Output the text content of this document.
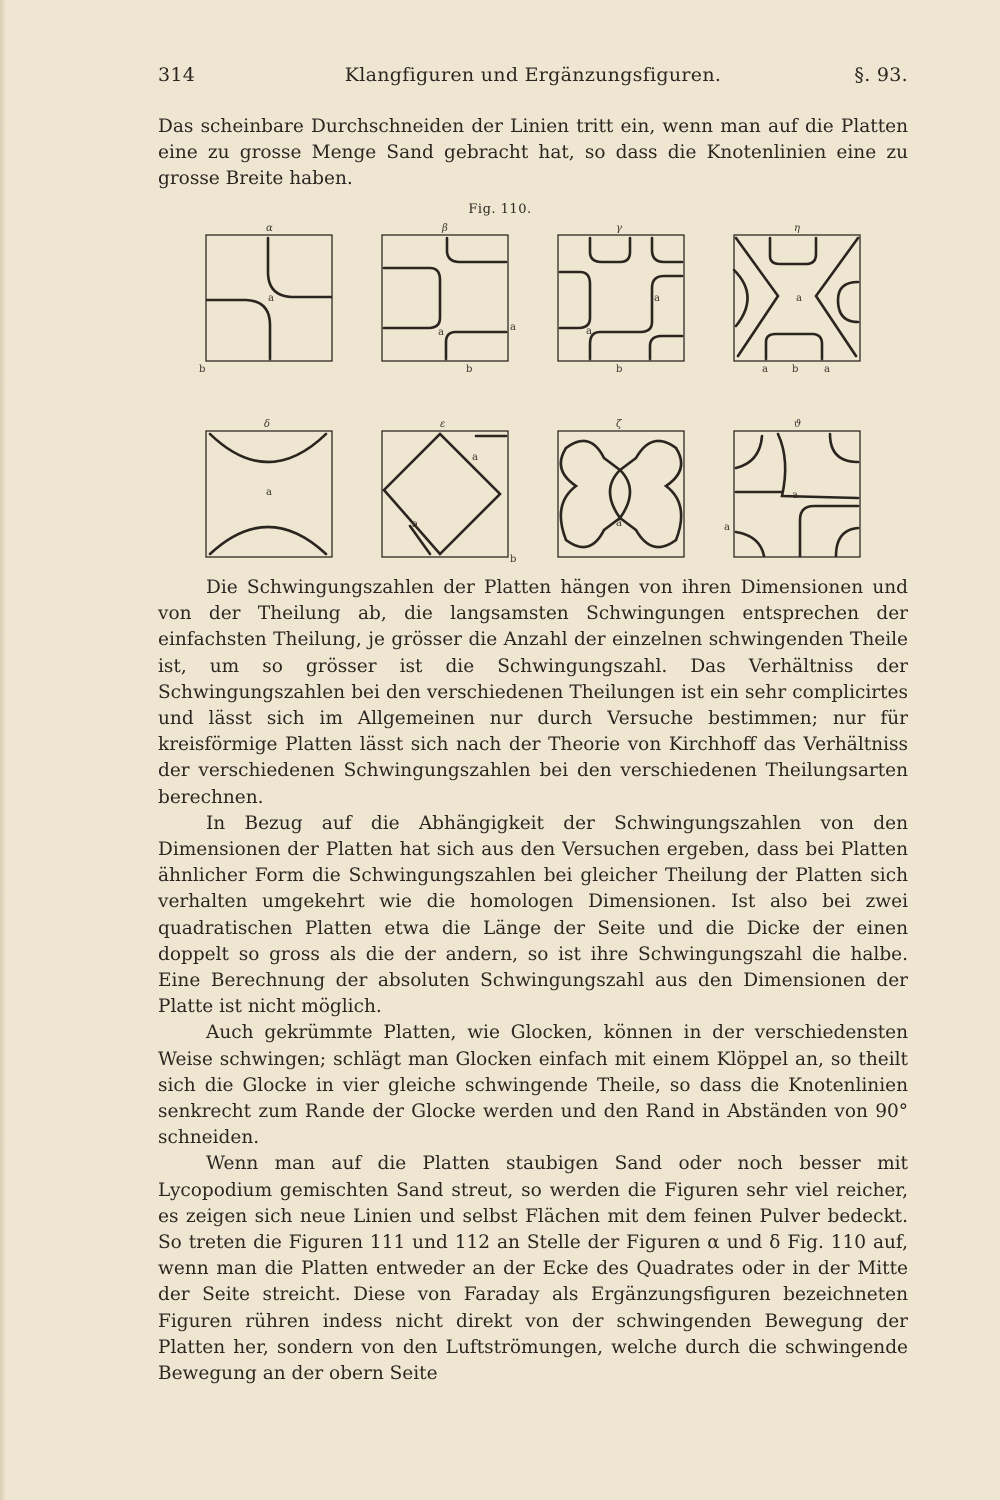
314	Klangfiguren und Ergänzungsfiguren.	§. 93.

Das scheinbare Durchschneiden der Linien tritt ein, wenn man auf die Platten eine zu grosse Menge Sand gebracht hat, so dass die Knotenlinien eine zu grosse Breite haben.

Fig. 110.
α	β	γ	η
δ	ε	ζ	ϑ
a
b
a	a
b
a
a
b
a
a b	a
a
a
a
b
a
a
a

Die Schwingungszahlen der Platten hängen von ihren Dimensionen und von der Theilung ab, die langsamsten Schwingungen entsprechen der einfachsten Theilung, je grösser die Anzahl der einzelnen schwingenden Theile ist, um so grösser ist die Schwingungszahl. Das Verhältniss der Schwingungszahlen bei den verschiedenen Theilungen ist ein sehr complicirtes und lässt sich im Allgemeinen nur durch Versuche bestimmen; nur für kreisförmige Platten lässt sich nach der Theorie von Kirchhoff das Verhältniss der verschiedenen Schwingungszahlen bei den verschiedenen Theilungsarten berechnen.

In Bezug auf die Abhängigkeit der Schwingungszahlen von den Dimensionen der Platten hat sich aus den Versuchen ergeben, dass bei Platten ähnlicher Form die Schwingungszahlen bei gleicher Theilung der Platten sich verhalten umgekehrt wie die homologen Dimensionen. Ist also bei zwei quadratischen Platten etwa die Länge der Seite und die Dicke der einen doppelt so gross als die der andern, so ist ihre Schwingungszahl die halbe. Eine Berechnung der absoluten Schwingungszahl aus den Dimensionen der Platte ist nicht möglich.

Auch gekrümmte Platten, wie Glocken, können in der verschiedensten Weise schwingen; schlägt man Glocken einfach mit einem Klöppel an, so theilt sich die Glocke in vier gleiche schwingende Theile, so dass die Knotenlinien senkrecht zum Rande der Glocke werden und den Rand in Abständen von 90° schneiden.

Wenn man auf die Platten staubigen Sand oder noch besser mit Lycopodium gemischten Sand streut, so werden die Figuren sehr viel reicher, es zeigen sich neue Linien und selbst Flächen mit dem feinen Pulver bedeckt. So treten die Figuren 111 und 112 an Stelle der Figuren α und δ Fig. 110 auf, wenn man die Platten entweder an der Ecke des Quadrates oder in der Mitte der Seite streicht. Diese von Faraday als Ergänzungsfiguren bezeichneten Figuren rühren indess nicht direkt von der schwingenden Bewegung der Platten her, sondern von den Luftströmungen, welche durch die schwingende Bewegung an der obern Seite
